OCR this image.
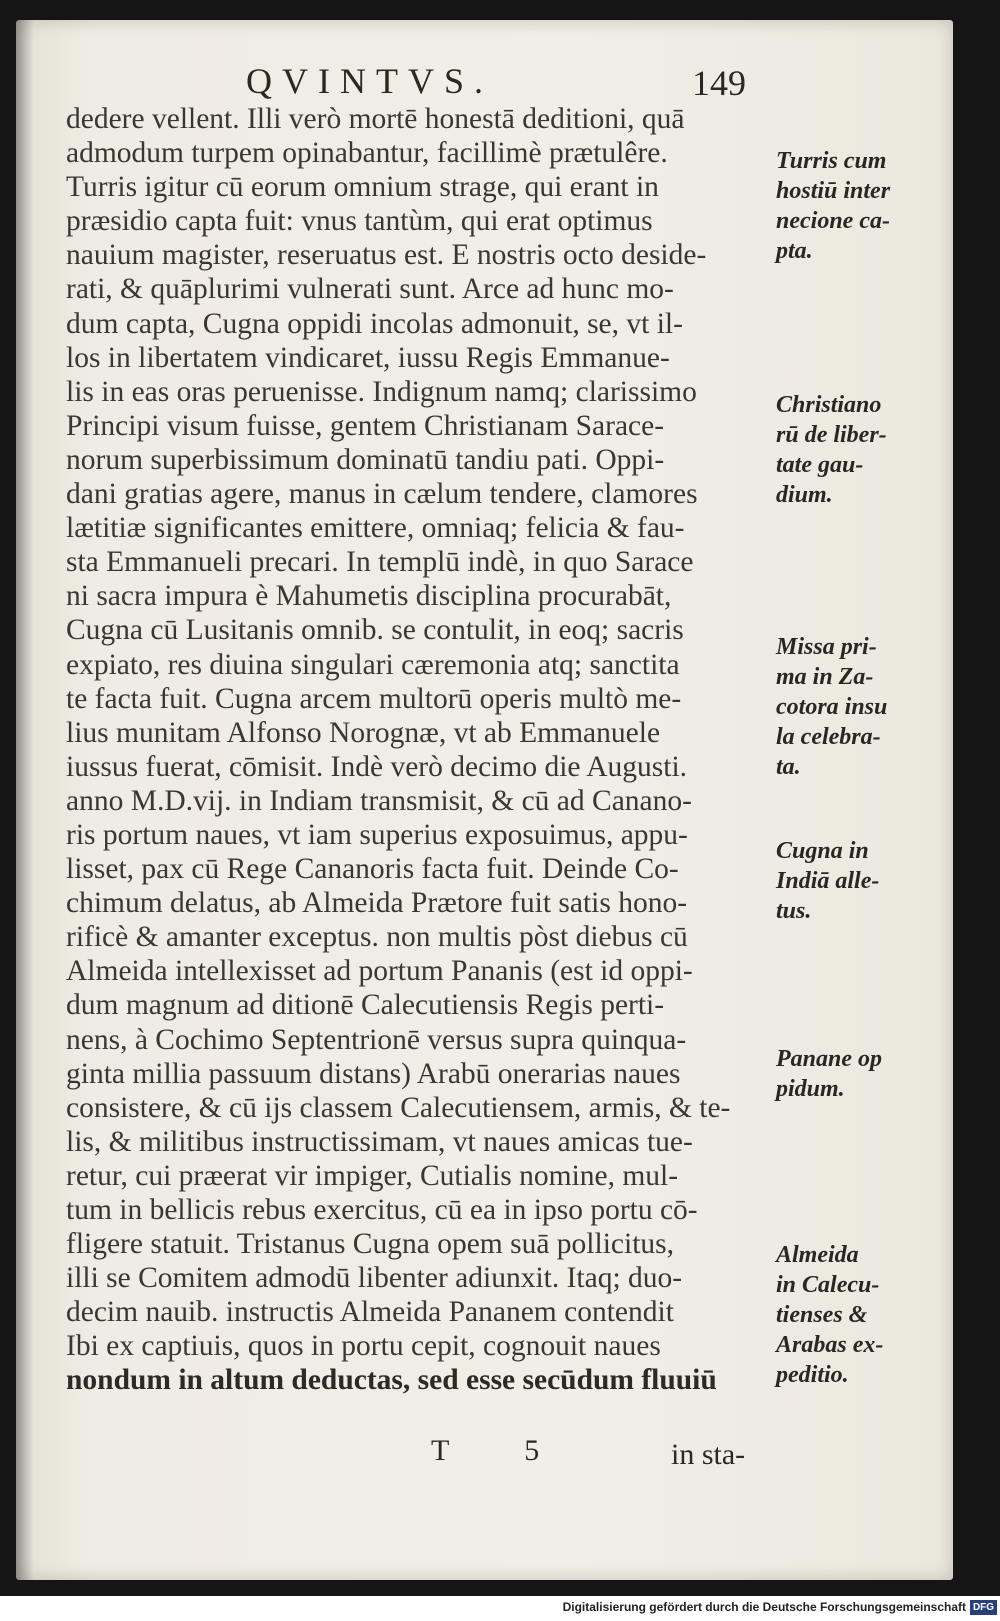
QVINTVS.	149
dedere vellent. Illi verò mortē honestā deditioni, quā
admodum turpem opinabantur, facillimè prætulêre.
Turris igitur cū eorum omnium strage, qui erant in
præsidio capta fuit: vnus tantùm, qui erat optimus
nauium magister, reseruatus est. E nostris octo deside-
rati, & quāplurimi vulnerati sunt. Arce ad hunc mo-
dum capta, Cugna oppidi incolas admonuit, se, vt il-
los in libertatem vindicaret, iussu Regis Emmanue-
lis in eas oras peruenisse. Indignum namq; clarissimo
Principi visum fuisse, gentem Christianam Sarace-
norum superbissimum dominatū tandiu pati. Oppi-
dani gratias agere, manus in cælum tendere, clamores
lætitiæ significantes emittere, omniaq; felicia & fau-
sta Emmanueli precari. In templū indè, in quo Sarace
ni sacra impura è Mahumetis disciplina procurabāt,
Cugna cū Lusitanis omnib. se contulit, in eoq; sacris
expiato, res diuina singulari cæremonia atq; sanctita
te facta fuit. Cugna arcem multorū operis multò me-
lius munitam Alfonso Norognæ, vt ab Emmanuele
iussus fuerat, cōmisit. Indè verò decimo die Augusti.
anno M.D.vij. in Indiam transmisit, & cū ad Canano-
ris portum naues, vt iam superius exposuimus, appu-
lisset, pax cū Rege Cananoris facta fuit. Deinde Co-
chimum delatus, ab Almeida Prætore fuit satis hono-
rificè & amanter exceptus. non multis pòst diebus cū
Almeida intellexisset ad portum Pananis (est id oppi-
dum magnum ad ditionē Calecutiensis Regis perti-
nens, à Cochimo Septentrionē versus supra quinqua-
ginta millia passuum distans) Arabū onerarias naues
consistere, & cū ijs classem Calecutiensem, armis, & te-
lis, & militibus instructissimam, vt naues amicas tue-
retur, cui præerat vir impiger, Cutialis nomine, mul-
tum in bellicis rebus exercitus, cū ea in ipso portu cō-
fligere statuit. Tristanus Cugna opem suā pollicitus,
illi se Comitem admodū libenter adiunxit. Itaq; duo-
decim nauib. instructis Almeida Pananem contendit
Ibi ex captiuis, quos in portu cepit, cognouit naues
nondum in altum deductas, sed esse secūdum fluuiū
Turris cum
hostiū inter
necione ca-
pta.
Christiano
rū de liber-
tate gau-
dium.
Missa pri-
ma in Za-
cotora insu
la celebra-
ta.
Cugna in
Indiā alle-
tus.
Panane op
pidum.
Almeida
in Calecu-
tienses &
Arabas ex-
peditio.
T 5	in sta-
Digitalisierung gefördert durch die Deutsche Forschungsgemeinschaft DFG
